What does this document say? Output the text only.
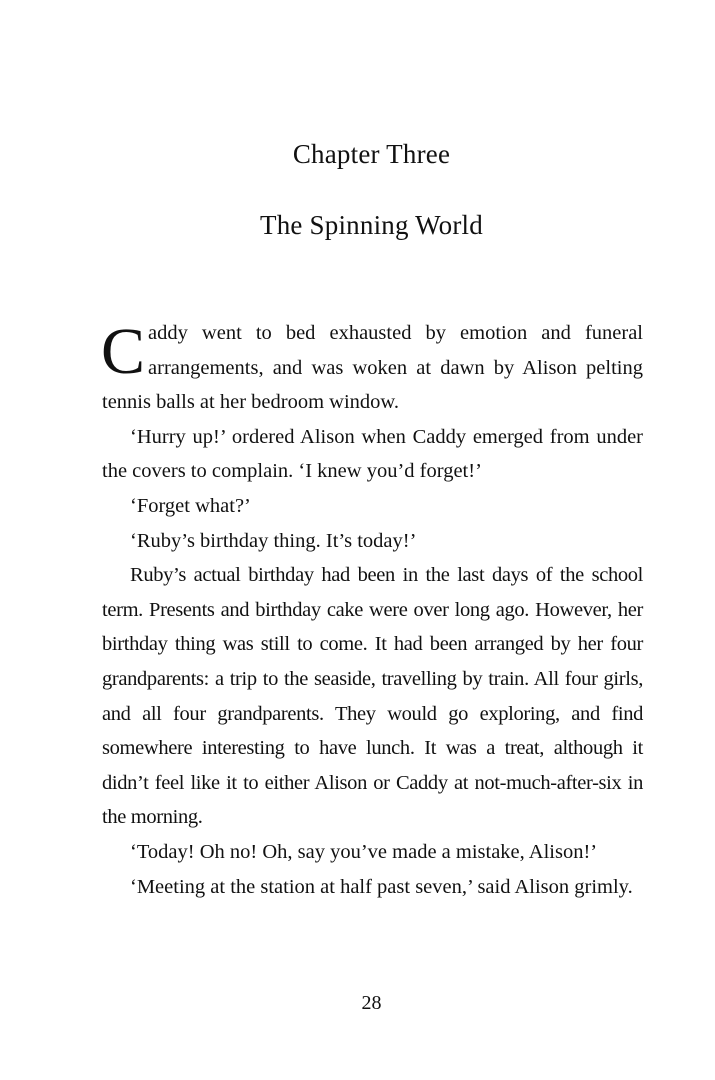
Chapter Three
The Spinning World

Caddy went to bed exhausted by emotion and funeral arrangements, and was woken at dawn by Alison pelting tennis balls at her bedroom window.

‘Hurry up!’ ordered Alison when Caddy emerged from under the covers to complain. ‘I knew you’d forget!’

‘Forget what?’

‘Ruby’s birthday thing. It’s today!’

Ruby’s actual birthday had been in the last days of the school term. Presents and birthday cake were over long ago. However, her birthday thing was still to come. It had been arranged by her four grandparents: a trip to the seaside, travelling by train. All four girls, and all four grandparents. They would go exploring, and find somewhere interesting to have lunch. It was a treat, although it didn’t feel like it to either Alison or Caddy at not-much-after-six in the morning.

‘Today! Oh no! Oh, say you’ve made a mistake, Alison!’

‘Meeting at the station at half past seven,’ said Alison grimly.

28
